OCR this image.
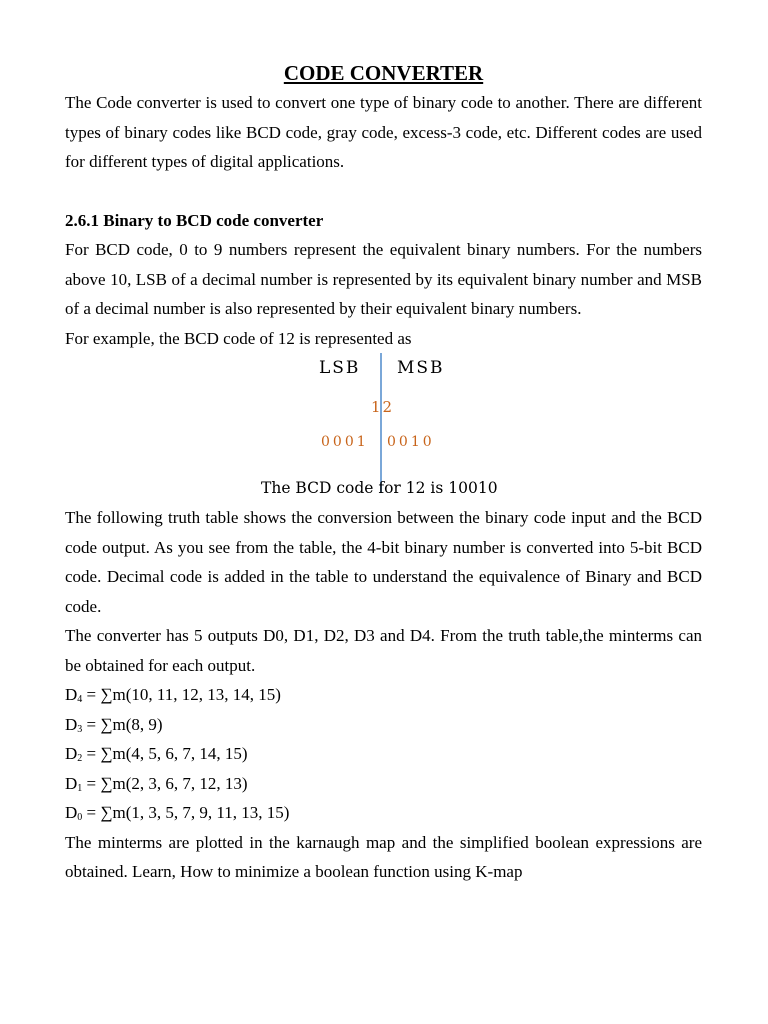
CODE CONVERTER

The Code converter is used to convert one type of binary code to another. There are different types of binary codes like BCD code, gray code, excess-3 code, etc. Different codes are used for different types of digital applications.

2.6.1 Binary to BCD code converter

For BCD code, 0 to 9 numbers represent the equivalent binary numbers. For the numbers above 10, LSB of a decimal number is represented by its equivalent binary number and MSB of a decimal number is also represented by their equivalent binary numbers.

For example, the BCD code of 12 is represented as

LSB MSB
12
0001 0010
The BCD code for 12 is 10010

The following truth table shows the conversion between the binary code input and the BCD code output. As you see from the table, the 4-bit binary number is converted into 5-bit BCD code. Decimal code is added in the table to understand the equivalence of Binary and BCD code.

The converter has 5 outputs D0, D1, D2, D3 and D4. From the truth table,the minterms can be obtained for each output.

$D_4 = \sum m(10$, 11, 12, 13, 14, 15)

$D_3 = \sum m(8$, 9)

$D_2 = \sum m(4$, 5, 6, 7, 14, 15)

$D_1 = \sum m(2$, 3, 6, 7, 12, 13)

$D_0 = \sum m(1$, 3, 5, 7, 9, 11, 13, 15)

The minterms are plotted in the karnaugh map and the simplified boolean expressions are obtained. Learn, How to minimize a boolean function using K-map
